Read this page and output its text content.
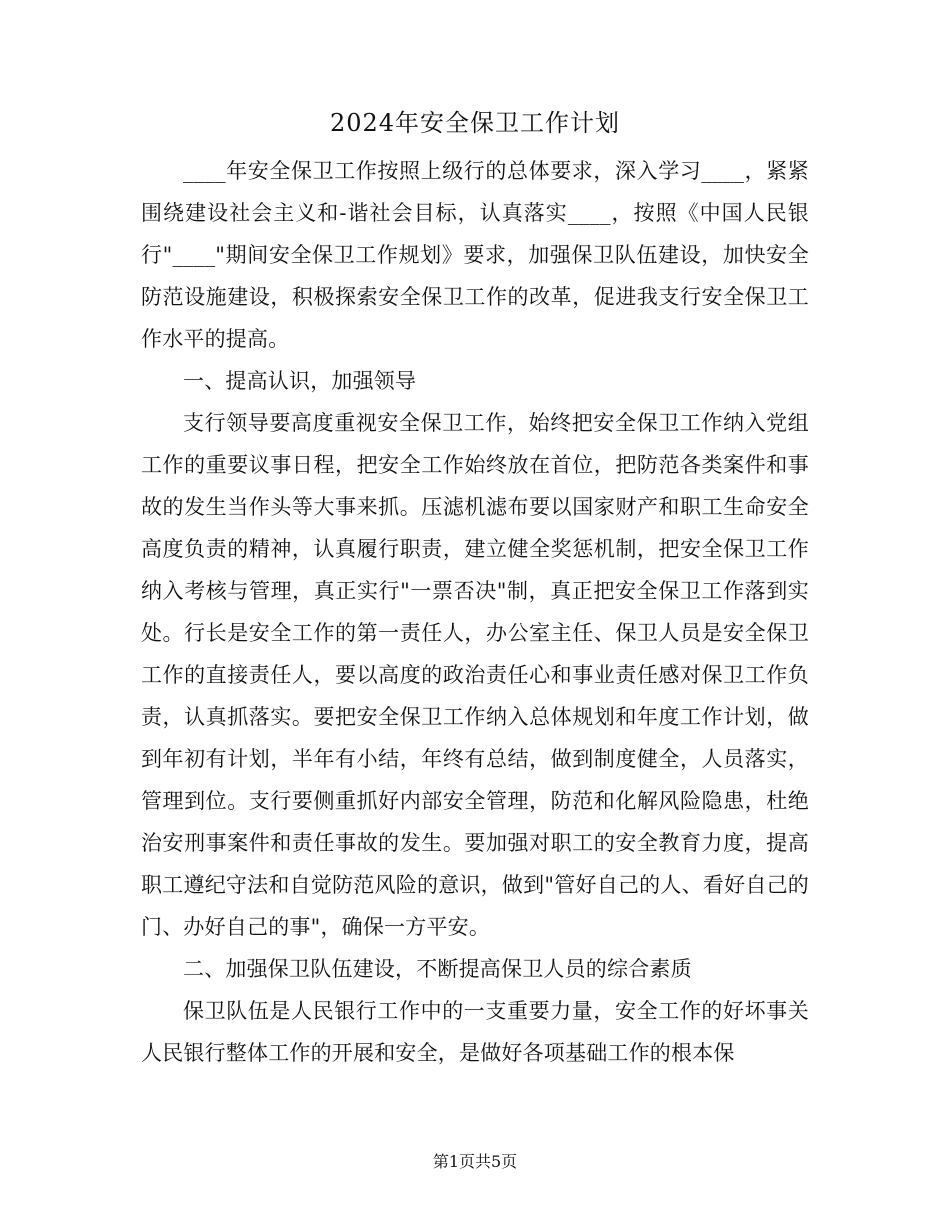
2024年安全保卫工作计划

____年安全保卫工作按照上级行的总体要求，深入学习____，紧紧围绕建设社会主义和-谐社会目标，认真落实____，按照《中国人民银行"____"期间安全保卫工作规划》要求，加强保卫队伍建设，加快安全防范设施建设，积极探索安全保卫工作的改革，促进我支行安全保卫工作水平的提高。

一、提高认识，加强领导

支行领导要高度重视安全保卫工作，始终把安全保卫工作纳入党组工作的重要议事日程，把安全工作始终放在首位，把防范各类案件和事故的发生当作头等大事来抓。压滤机滤布要以国家财产和职工生命安全高度负责的精神，认真履行职责，建立健全奖惩机制，把安全保卫工作纳入考核与管理，真正实行"一票否决"制，真正把安全保卫工作落到实处。行长是安全工作的第一责任人，办公室主任、保卫人员是安全保卫工作的直接责任人，要以高度的政治责任心和事业责任感对保卫工作负责，认真抓落实。要把安全保卫工作纳入总体规划和年度工作计划，做到年初有计划，半年有小结，年终有总结，做到制度健全，人员落实，管理到位。支行要侧重抓好内部安全管理，防范和化解风险隐患，杜绝治安刑事案件和责任事故的发生。要加强对职工的安全教育力度，提高职工遵纪守法和自觉防范风险的意识，做到"管好自己的人、看好自己的门、办好自己的事"，确保一方平安。

二、加强保卫队伍建设，不断提高保卫人员的综合素质

保卫队伍是人民银行工作中的一支重要力量，安全工作的好坏事关人民银行整体工作的开展和安全，是做好各项基础工作的根本保

第1页共5页
